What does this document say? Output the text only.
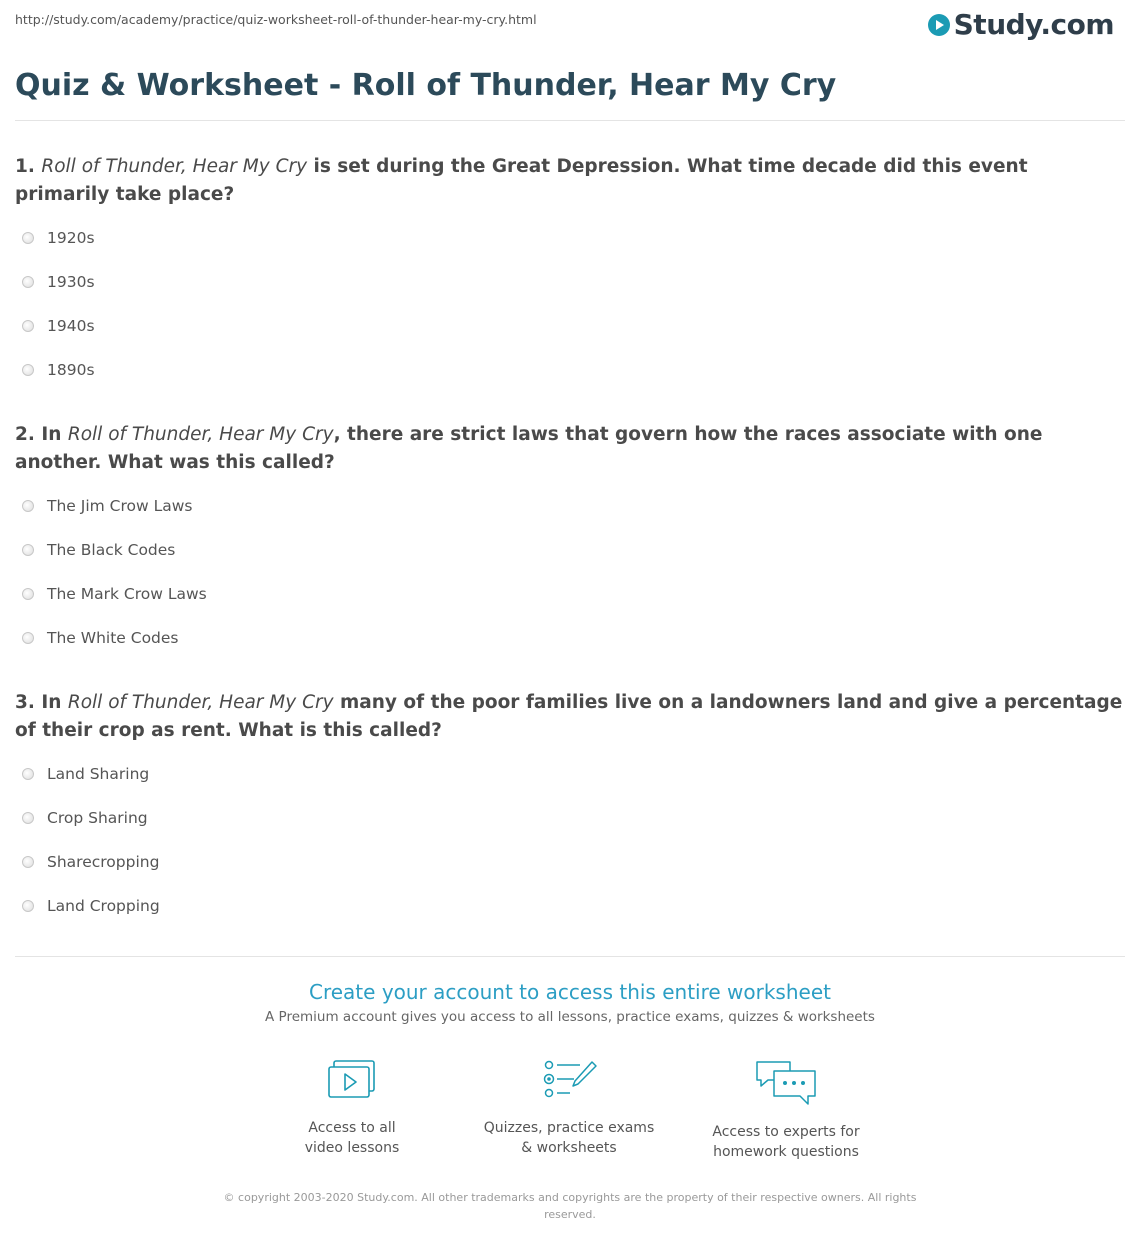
http://study.com/academy/practice/quiz-worksheet-roll-of-thunder-hear-my-cry.html	Study.com
Quiz & Worksheet - Roll of Thunder, Hear My Cry
1. Roll of Thunder, Hear My Cry is set during the Great Depression. What time decade did this event primarily take place?
1920s
1930s
1940s
1890s
2. In Roll of Thunder, Hear My Cry, there are strict laws that govern how the races associate with one another. What was this called?
The Jim Crow Laws
The Black Codes
The Mark Crow Laws
The White Codes
3. In Roll of Thunder, Hear My Cry many of the poor families live on a landowners land and give a percentage of their crop as rent. What is this called?
Land Sharing
Crop Sharing
Sharecropping
Land Cropping
Create your account to access this entire worksheet
A Premium account gives you access to all lessons, practice exams, quizzes & worksheets
Access to all
video lessons
Quizzes, practice exams
& worksheets
Access to experts for
homework questions
© copyright 2003-2020 Study.com. All other trademarks and copyrights are the property of their respective owners. All rights reserved.
